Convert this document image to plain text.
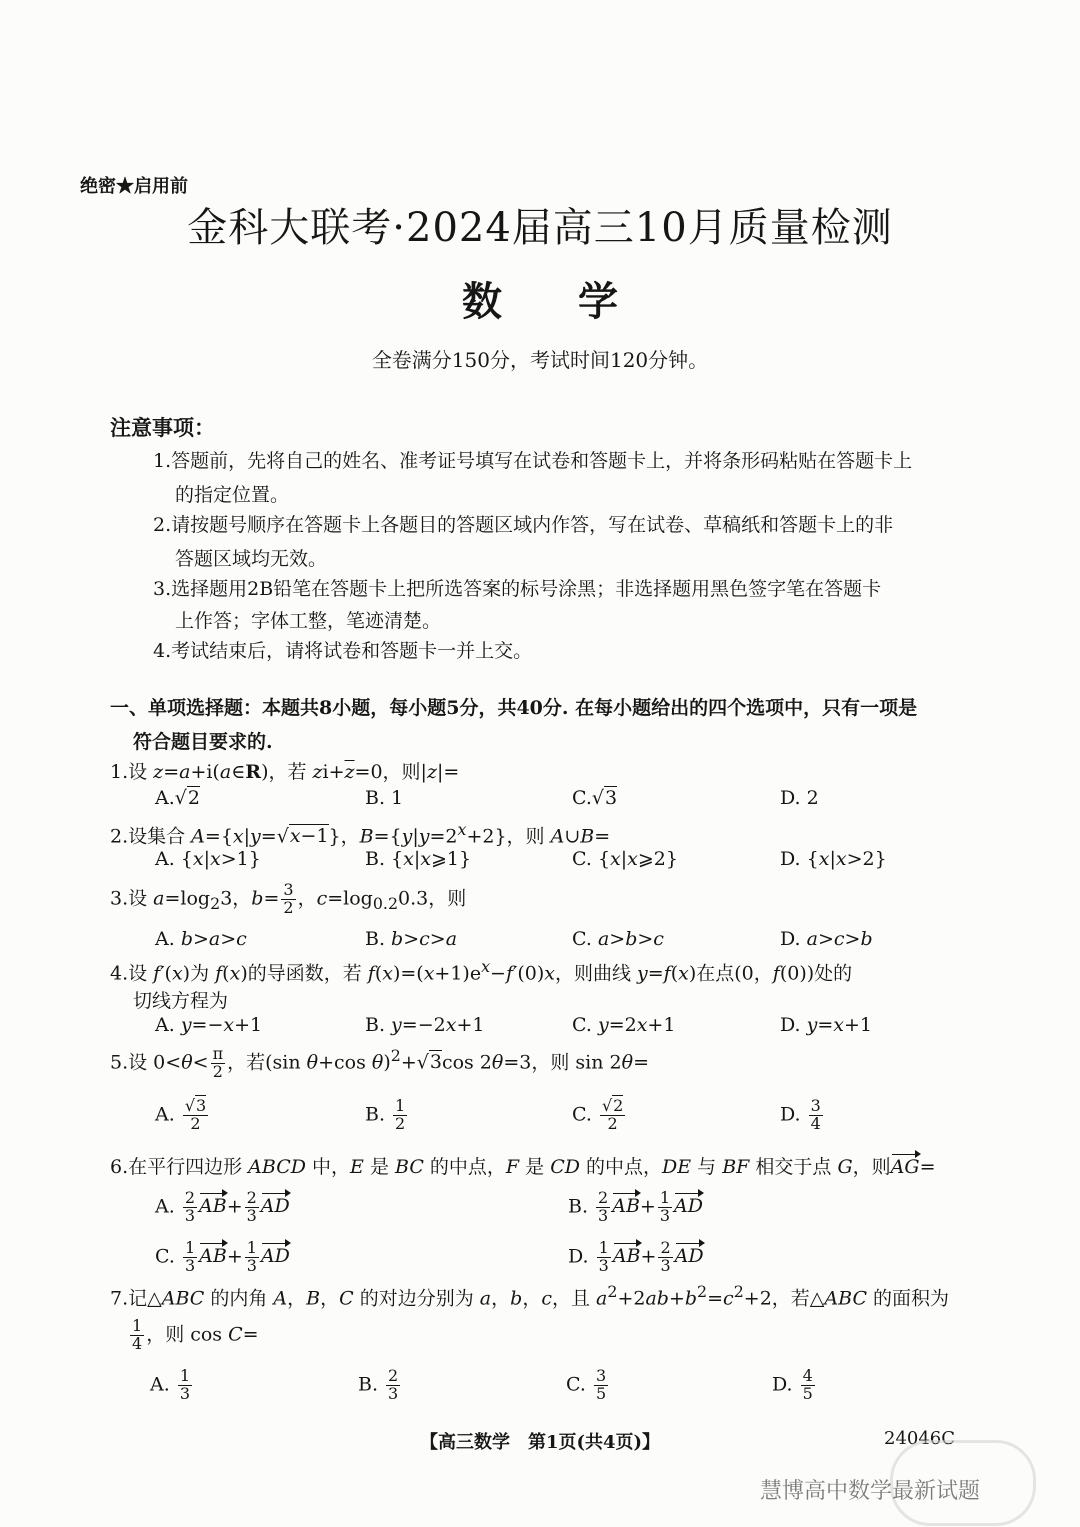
绝密★启用前
金科大联考·2024届高三10月质量检测
数 学
全卷满分150分，考试时间120分钟。
注意事项：
1.答题前，先将自己的姓名、准考证号填写在试卷和答题卡上，并将条形码粘贴在答题卡上
的指定位置。
2.请按题号顺序在答题卡上各题目的答题区域内作答，写在试卷、草稿纸和答题卡上的非
答题区域均无效。
3.选择题用2B铅笔在答题卡上把所选答案的标号涂黑；非选择题用黑色签字笔在答题卡
上作答；字体工整，笔迹清楚。
4.考试结束后，请将试卷和答题卡一并上交。
一、单项选择题：本题共8小题，每小题5分，共40分. 在每小题给出的四个选项中，只有一项是
符合题目要求的.
1.设 z=a+i(a∈R)，若 $zi+\overline{z}=0$，则|z|=
A.√2	B. 1	C.√3	D. 2
2.设集合 A={x|y=√x−1}，$B=\{y|y=2^x+2\}$，则 A∪B=
A. {x|x>1}	B. {x|x⩾1}	C. {x|x⩾2}	D. {x|x>2}
3.设 $a=\log_23$，$b= \frac{3}{2}$ ，$c=\log_{0.2}0.3$，则
A. b>a>c	B. b>c>a	C. a>b>c	D. a>c>b
4.设 f′(x)为 f(x)的导函数，若 $f(x)=(x+1)e^x-f'(0)x$，则曲线 y=f(x)在点(0，f(0))处的
切线方程为
A. y=−x+1	B. y=−2x+1	C. y=2x+1	D. y=x+1
5.设 $0<\theta< \frac{\pi}{2}$ ，若(sin θ+cos θ)$^2$+√3cos 2θ=3，则 sin 2θ=
A. $\frac{√3}{2}$	B. $\frac{1}{2}$	C. $\frac{√2}{2}$	D. $\frac{3}{4}$
6.在平行四边形 ABCD 中，E 是 BC 的中点，F 是 CD 的中点，DE 与 BF 相交于点 G，则AG=
A. $\frac{2}{3} AB+ \frac{2}{3}$ AD	B. $\frac{2}{3} AB+ \frac{1}{3}$ AD
C. $\frac{1}{3} AB+ \frac{1}{3}$ AD	D. $\frac{1}{3} AB+ \frac{2}{3}$ AD
7.记△ABC 的内角 A，B，C 的对边分别为 a，b，c，且 $a^2+2ab+b^2=c^2+2$，若△ABC 的面积为
$\frac{1}{4}$ ，则 cos C=
A. $\frac{1}{3}$	B. $\frac{2}{3}$	C. $\frac{3}{5}$	D. $\frac{4}{5}$
【高三数学　第1页(共4页)】	24046C
慧博高中数学最新试题
